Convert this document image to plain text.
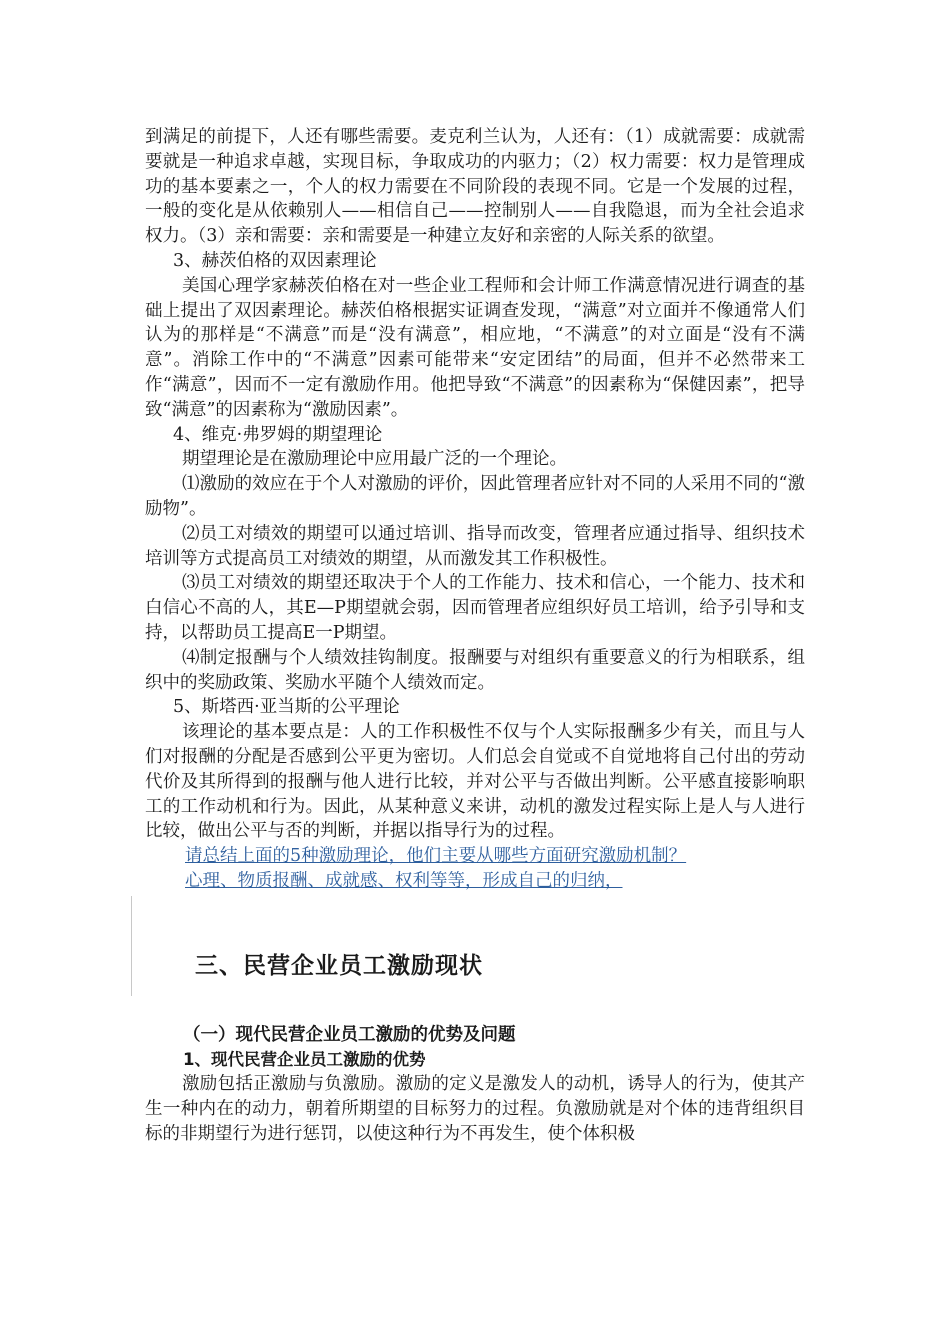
到满足的前提下，人还有哪些需要。麦克利兰认为，人还有：（1）成就需要：成就需要就是一种追求卓越，实现目标，争取成功的内驱力；（2）权力需要：权力是管理成功的基本要素之一，个人的权力需要在不同阶段的表现不同。它是一个发展的过程，一般的变化是从依赖别人——相信自己——控制别人——自我隐退，而为全社会追求权力。（3）亲和需要：亲和需要是一种建立友好和亲密的人际关系的欲望。

3、赫茨伯格的双因素理论

美国心理学家赫茨伯格在对一些企业工程师和会计师工作满意情况进行调查的基础上提出了双因素理论。赫茨伯格根据实证调查发现，“满意”对立面并不像通常人们认为的那样是“不满意”而是“没有满意”，相应地，“不满意”的对立面是“没有不满意”。消除工作中的“不满意”因素可能带来“安定团结”的局面，但并不必然带来工作“满意”，因而不一定有激励作用。他把导致“不满意”的因素称为“保健因素”，把导致“满意”的因素称为“激励因素”。

4、维克·弗罗姆的期望理论

期望理论是在激励理论中应用最广泛的一个理论。

⑴激励的效应在于个人对激励的评价，因此管理者应针对不同的人采用不同的“激励物”。

⑵员工对绩效的期望可以通过培训、指导而改变，管理者应通过指导、组织技术培训等方式提高员工对绩效的期望，从而激发其工作积极性。

⑶员工对绩效的期望还取决于个人的工作能力、技术和信心，一个能力、技术和白信心不高的人，其E—P期望就会弱，因而管理者应组织好员工培训，给予引导和支持，以帮助员工提高E一P期望。

⑷制定报酬与个人绩效挂钩制度。报酬要与对组织有重要意义的行为相联系，组织中的奖励政策、奖励水平随个人绩效而定。

5、斯塔西·亚当斯的公平理论

该理论的基本要点是：人的工作积极性不仅与个人实际报酬多少有关，而且与人们对报酬的分配是否感到公平更为密切。人们总会自觉或不自觉地将自己付出的劳动代价及其所得到的报酬与他人进行比较，并对公平与否做出判断。公平感直接影响职工的工作动机和行为。因此，从某种意义来讲，动机的激发过程实际上是人与人进行比较，做出公平与否的判断，并据以指导行为的过程。

请总结上面的5种激励理论，他们主要从哪些方面研究激励机制？
心理、物质报酬、成就感、权利等等，形成自己的归纳，
三、民营企业员工激励现状
（一）现代民营企业员工激励的优势及问题
1、现代民营企业员工激励的优势

激励包括正激励与负激励。激励的定义是激发人的动机，诱导人的行为，使其产生一种内在的动力，朝着所期望的目标努力的过程。负激励就是对个体的违背组织目标的非期望行为进行惩罚，以使这种行为不再发生，使个体积极
